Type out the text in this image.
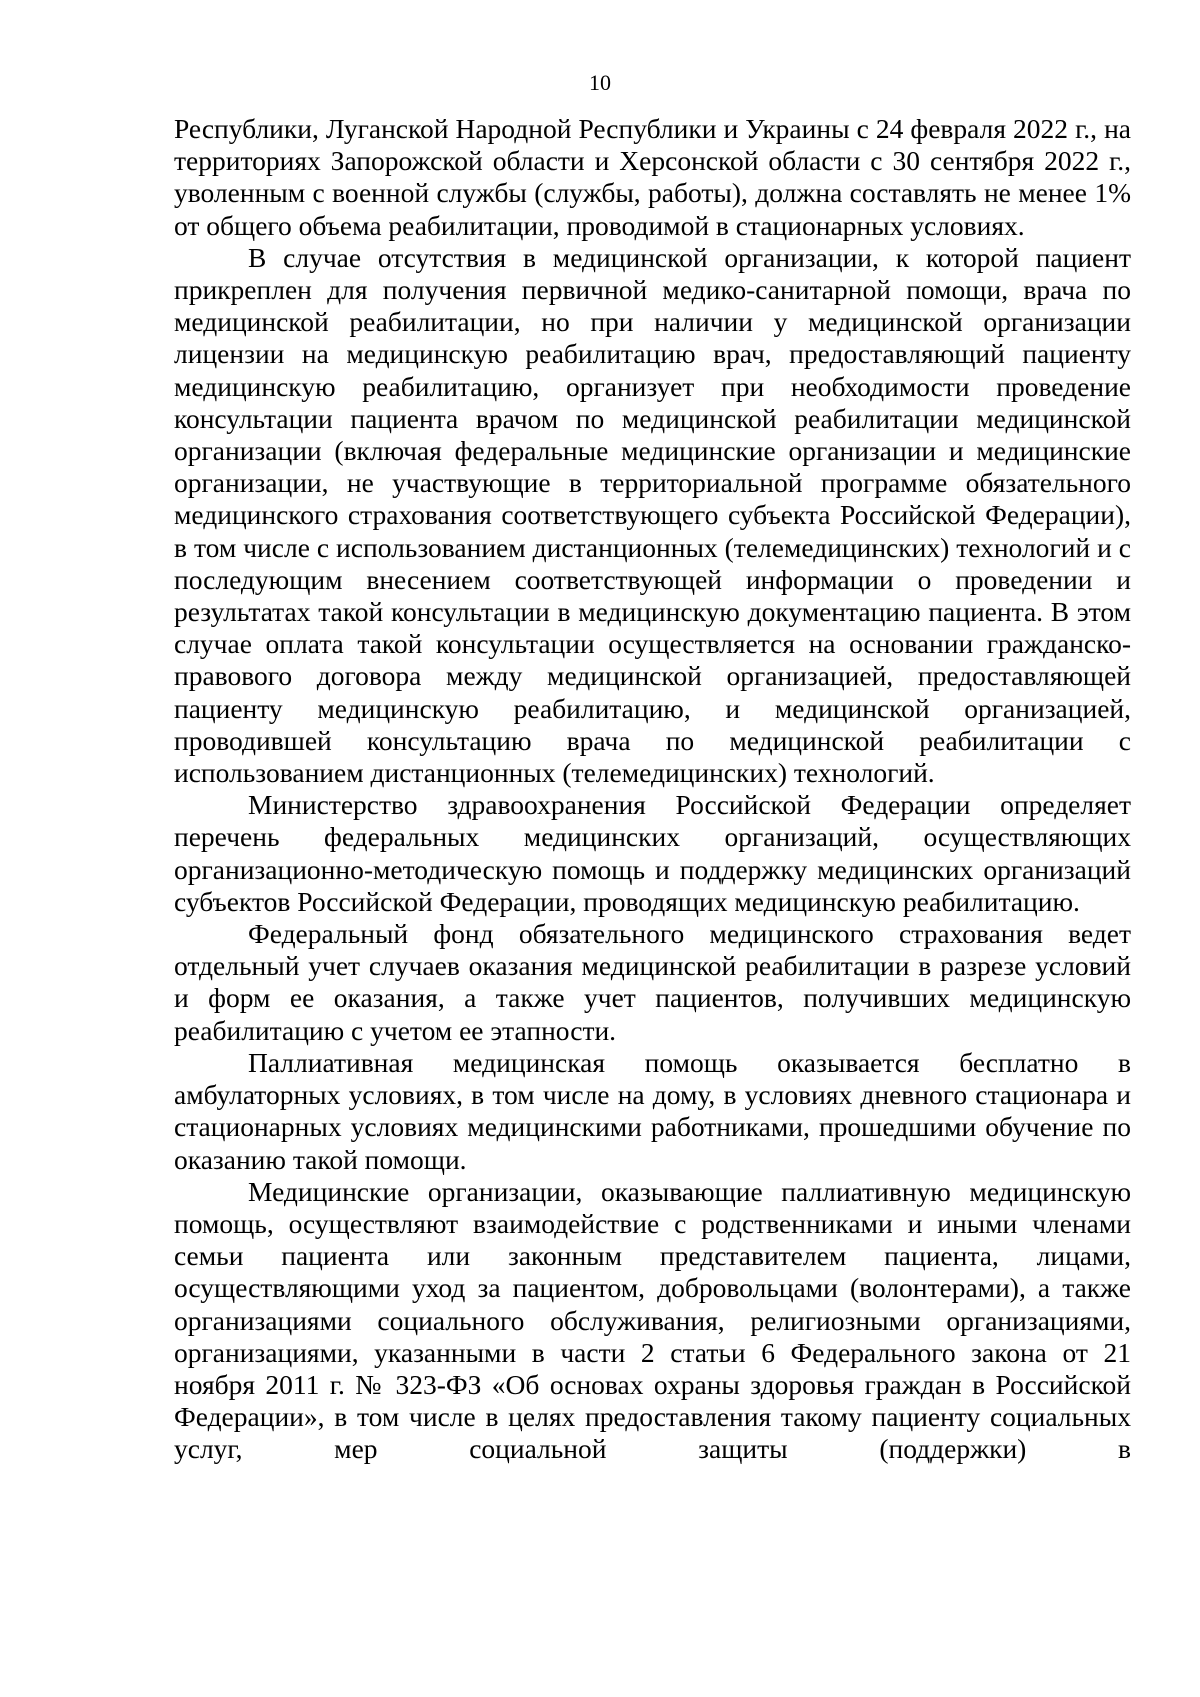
10

Республики, Луганской Народной Республики и Украины с 24 февраля 2022 г., на территориях Запорожской области и Херсонской области с 30 сентября 2022 г., уволенным с военной службы (службы, работы), должна составлять не менее 1% от общего объема реабилитации, проводимой в стационарных условиях.

В случае отсутствия в медицинской организации, к которой пациент прикреплен для получения первичной медико-санитарной помощи, врача по медицинской реабилитации, но при наличии у медицинской организации лицензии на медицинскую реабилитацию врач, предоставляющий пациенту медицинскую реабилитацию, организует при необходимости проведение консультации пациента врачом по медицинской реабилитации медицинской организации (включая федеральные медицинские организации и медицинские организации, не участвующие в территориальной программе обязательного медицинского страхования соответствующего субъекта Российской Федерации), в том числе с использованием дистанционных (телемедицинских) технологий и с последующим внесением соответствующей информации о проведении и результатах такой консультации в медицинскую документацию пациента. В этом случае оплата такой консультации осуществляется на основании гражданско-правового договора между медицинской организацией, предоставляющей пациенту медицинскую реабилитацию, и медицинской организацией, проводившей консультацию врача по медицинской реабилитации с использованием дистанционных (телемедицинских) технологий.

Министерство здравоохранения Российской Федерации определяет перечень федеральных медицинских организаций, осуществляющих организационно-методическую помощь и поддержку медицинских организаций субъектов Российской Федерации, проводящих медицинскую реабилитацию.

Федеральный фонд обязательного медицинского страхования ведет отдельный учет случаев оказания медицинской реабилитации в разрезе условий и форм ее оказания, а также учет пациентов, получивших медицинскую реабилитацию с учетом ее этапности.

Паллиативная медицинская помощь оказывается бесплатно в амбулаторных условиях, в том числе на дому, в условиях дневного стационара и стационарных условиях медицинскими работниками, прошедшими обучение по оказанию такой помощи.

Медицинские организации, оказывающие паллиативную медицинскую помощь, осуществляют взаимодействие с родственниками и иными членами семьи пациента или законным представителем пациента, лицами, осуществляющими уход за пациентом, добровольцами (волонтерами), а также организациями социального обслуживания, религиозными организациями, организациями, указанными в части 2 статьи 6 Федерального закона от 21 ноября 2011 г. № 323-ФЗ «Об основах охраны здоровья граждан в Российской Федерации», в том числе в целях предоставления такому пациенту социальных услуг, мер социальной защиты (поддержки) в
